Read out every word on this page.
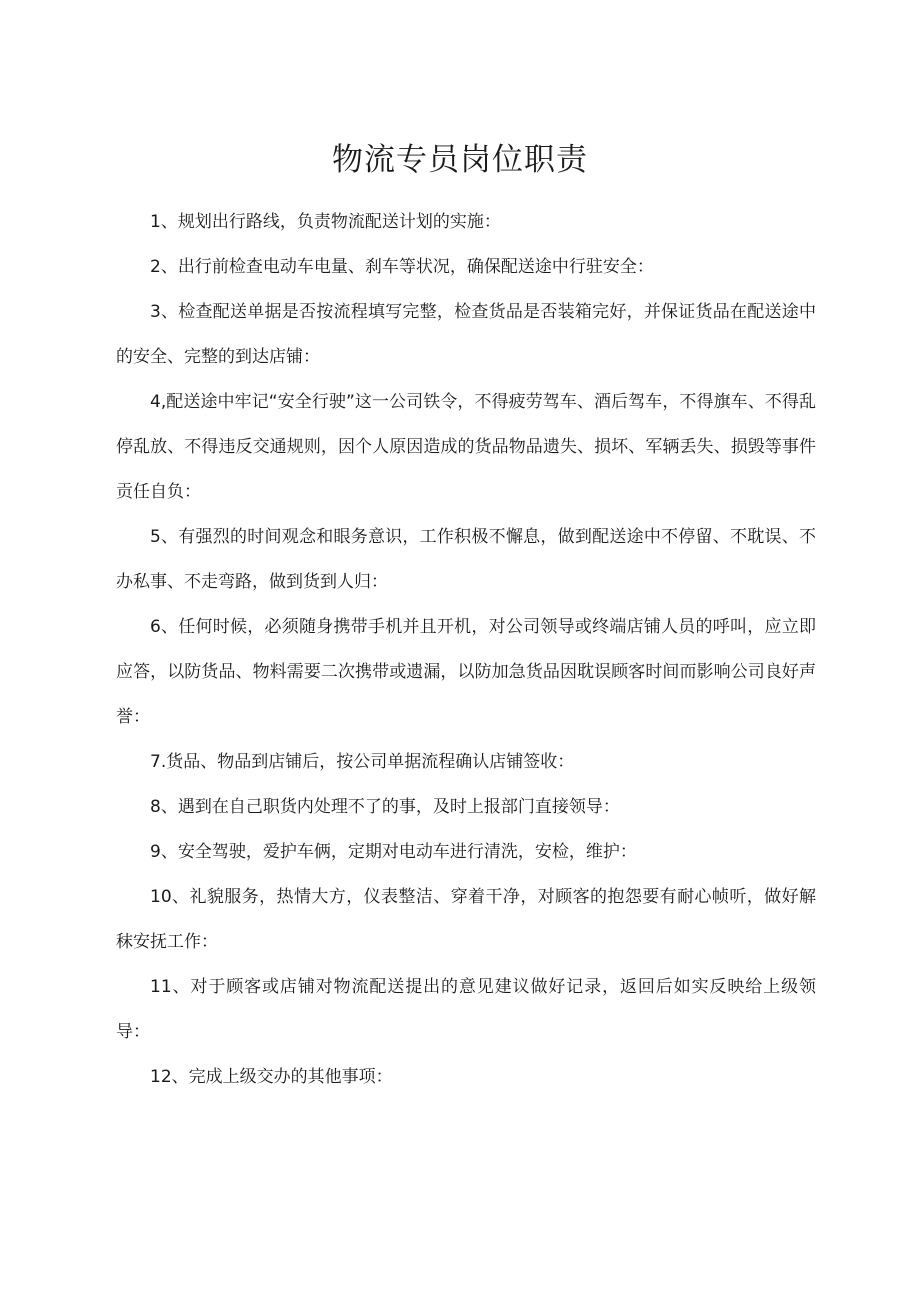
物流专员岗位职责

1、规划出行路线，负责物流配送计划的实施：

2、出行前检查电动车电量、刹车等状况，确保配送途中行驻安全：

3、检查配送单据是否按流程填写完整，检查货品是否装箱完好，并保证货品在配送途中的安全、完整的到达店铺：

4,配送途中牢记“安全行驶”这一公司铁令，不得疲劳驾车、酒后驾车，不得旗车、不得乱停乱放、不得违反交通规则，因个人原因造成的货品物品遗失、损坏、军辆丢失、损毁等事件贡任自负：

5、有强烈的时间观念和眼务意识，工作积极不懈息，做到配送途中不停留、不耽误、不办私事、不走弯路，做到货到人归：

6、任何时候，必须随身携带手机并且开机，对公司领导或终端店铺人员的呼叫，应立即应答，以防货品、物料需要二次携带或遗漏，以防加急货品因耽误顾客时间而影响公司良好声誉：

7.货品、物品到店铺后，按公司单据流程确认店铺签收：

8、遇到在自己职货内处理不了的事，及时上报部门直接领导：

9、安全驾驶，爱护车俩，定期对电动车进行清洗，安检，维护：

10、礼貌服务，热情大方，仪表整洁、穿着干净，对顾客的抱怨要有耐心帧听，做好解秣安抚工作：

11、对于顾客或店铺对物流配送提出的意见建议做好记录，返回后如实反映给上级领导：

12、完成上级交办的其他事项：
